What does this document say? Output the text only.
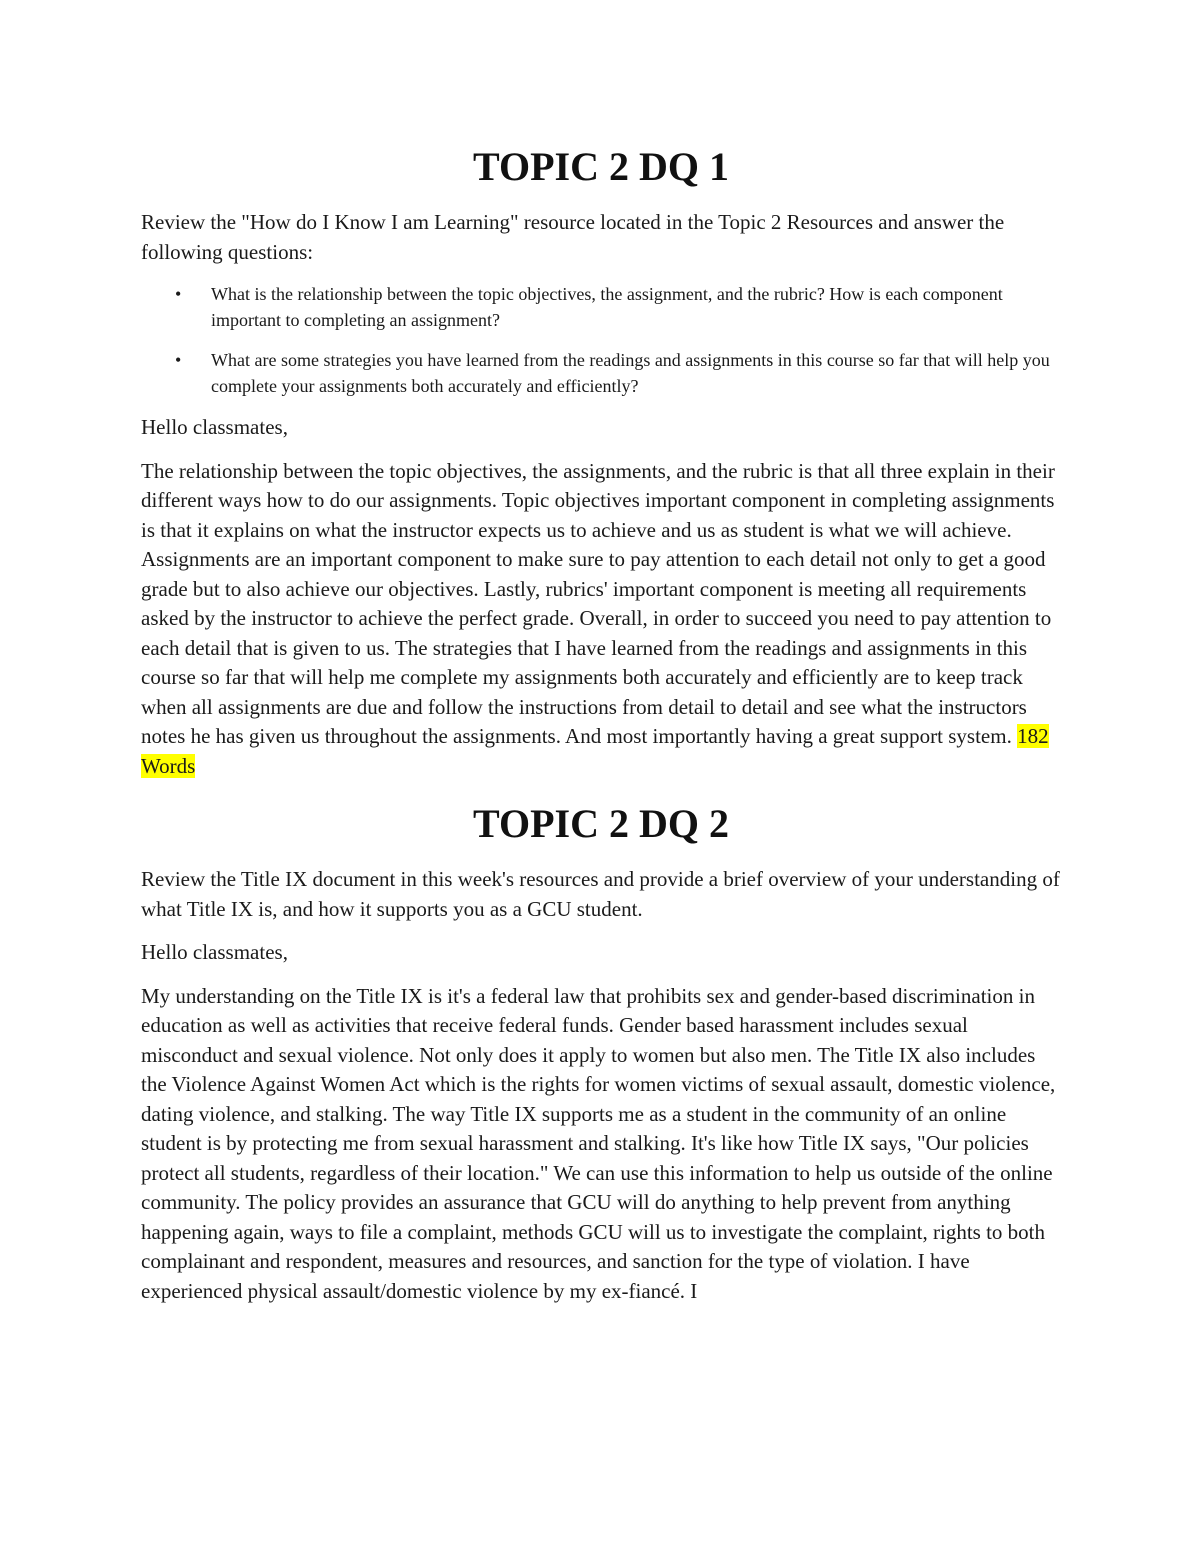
TOPIC 2 DQ 1

Review the "How do I Know I am Learning" resource located in the Topic 2 Resources and answer the following questions:

• What is the relationship between the topic objectives, the assignment, and the rubric? How is each component important to completing an assignment?
• What are some strategies you have learned from the readings and assignments in this course so far that will help you complete your assignments both accurately and efficiently?

Hello classmates,

The relationship between the topic objectives, the assignments, and the rubric is that all three explain in their different ways how to do our assignments. Topic objectives important component in completing assignments is that it explains on what the instructor expects us to achieve and us as student is what we will achieve. Assignments are an important component to make sure to pay attention to each detail not only to get a good grade but to also achieve our objectives. Lastly, rubrics' important component is meeting all requirements asked by the instructor to achieve the perfect grade. Overall, in order to succeed you need to pay attention to each detail that is given to us. The strategies that I have learned from the readings and assignments in this course so far that will help me complete my assignments both accurately and efficiently are to keep track when all assignments are due and follow the instructions from detail to detail and see what the instructors notes he has given us throughout the assignments. And most importantly having a great support system. 182 Words

TOPIC 2 DQ 2

Review the Title IX document in this week's resources and provide a brief overview of your understanding of what Title IX is, and how it supports you as a GCU student.

Hello classmates,

My understanding on the Title IX is it's a federal law that prohibits sex and gender-based discrimination in education as well as activities that receive federal funds. Gender based harassment includes sexual misconduct and sexual violence. Not only does it apply to women but also men. The Title IX also includes the Violence Against Women Act which is the rights for women victims of sexual assault, domestic violence, dating violence, and stalking. The way Title IX supports me as a student in the community of an online student is by protecting me from sexual harassment and stalking. It's like how Title IX says, "Our policies protect all students, regardless of their location." We can use this information to help us outside of the online community. The policy provides an assurance that GCU will do anything to help prevent from anything happening again, ways to file a complaint, methods GCU will us to investigate the complaint, rights to both complainant and respondent, measures and resources, and sanction for the type of violation. I have experienced physical assault/domestic violence by my ex-fiancé. I
